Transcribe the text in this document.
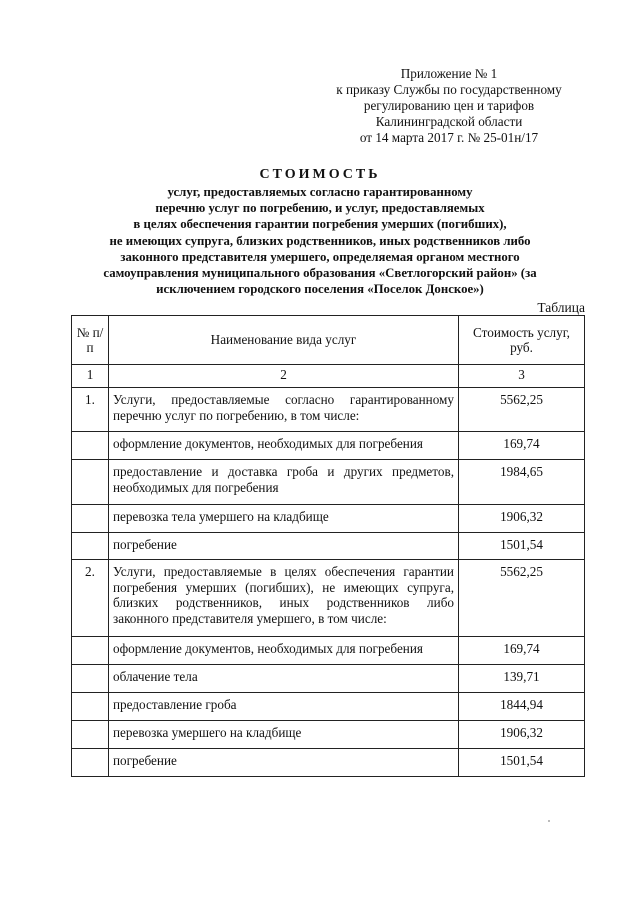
Приложение № 1
к приказу Службы по государственному
регулированию цен и тарифов
Калининградской области
от 14 марта 2017 г. № 25-01н/17
СТОИМОСТЬ
услуг, предоставляемых согласно гарантированному
перечню услуг по погребению, и услуг, предоставляемых
в целях обеспечения гарантии погребения умерших (погибших),
не имеющих супруга, близких родственников, иных родственников либо
законного представителя умершего, определяемая органом местного
самоуправления муниципального образования «Светлогорский район» (за
исключением городского поселения «Поселок Донское»)
Таблица
№ п/п	Наименование вида услуг	Стоимость услуг, руб.
1	2	3
1.	Услуги, предоставляемые согласно гарантированному перечню услуг по погребению, в том числе:	5562,25
	оформление документов, необходимых для погребения	169,74
	предоставление и доставка гроба и других предметов, необходимых для погребения	1984,65
	перевозка тела умершего на кладбище	1906,32
	погребение	1501,54
2.	Услуги, предоставляемые в целях обеспечения гарантии погребения умерших (погибших), не имеющих супруга, близких родственников, иных родственников либо законного представителя умершего, в том числе:	5562,25
	оформление документов, необходимых для погребения	169,74
	облачение тела	139,71
	предоставление гроба	1844,94
	перевозка умершего на кладбище	1906,32
	погребение	1501,54
